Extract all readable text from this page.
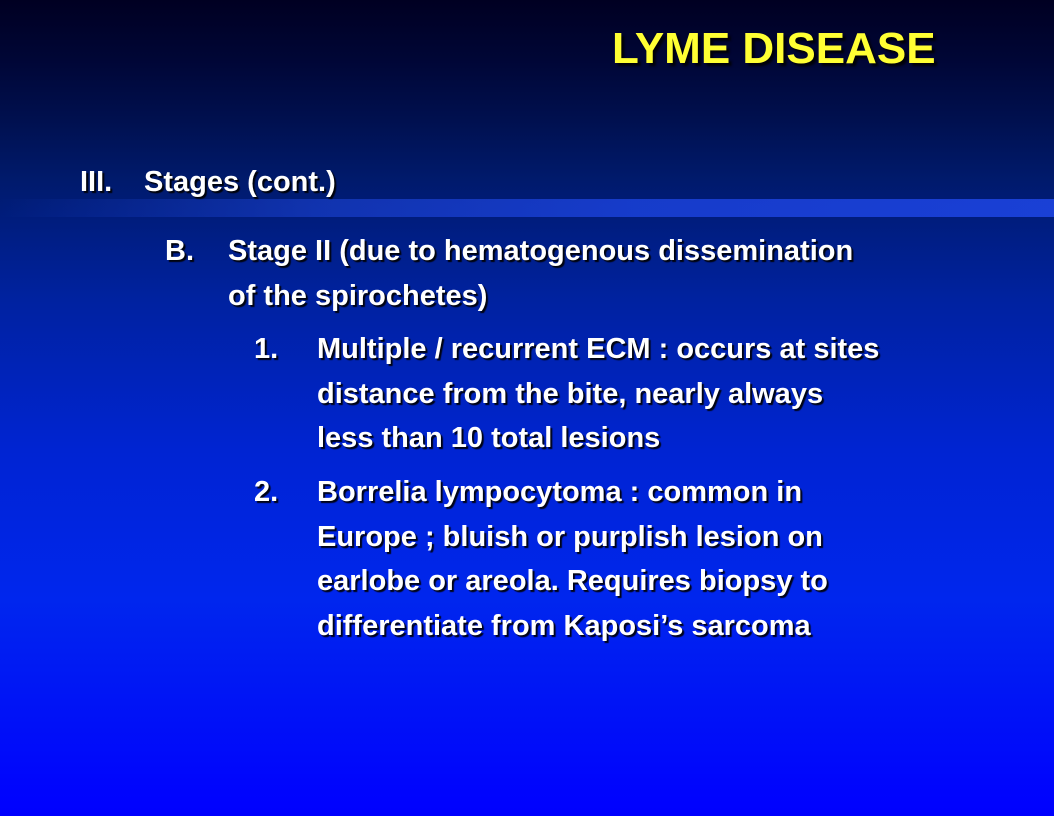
LYME DISEASE
III. Stages (cont.)
B. Stage II (due to hematogenous dissemination
of the spirochetes)
1. Multiple / recurrent ECM : occurs at sites
distance from the bite, nearly always
less than 10 total lesions
2. Borrelia lympocytoma : common in
Europe ; bluish or purplish lesion on
earlobe or areola. Requires biopsy to
differentiate from Kaposi’s sarcoma
